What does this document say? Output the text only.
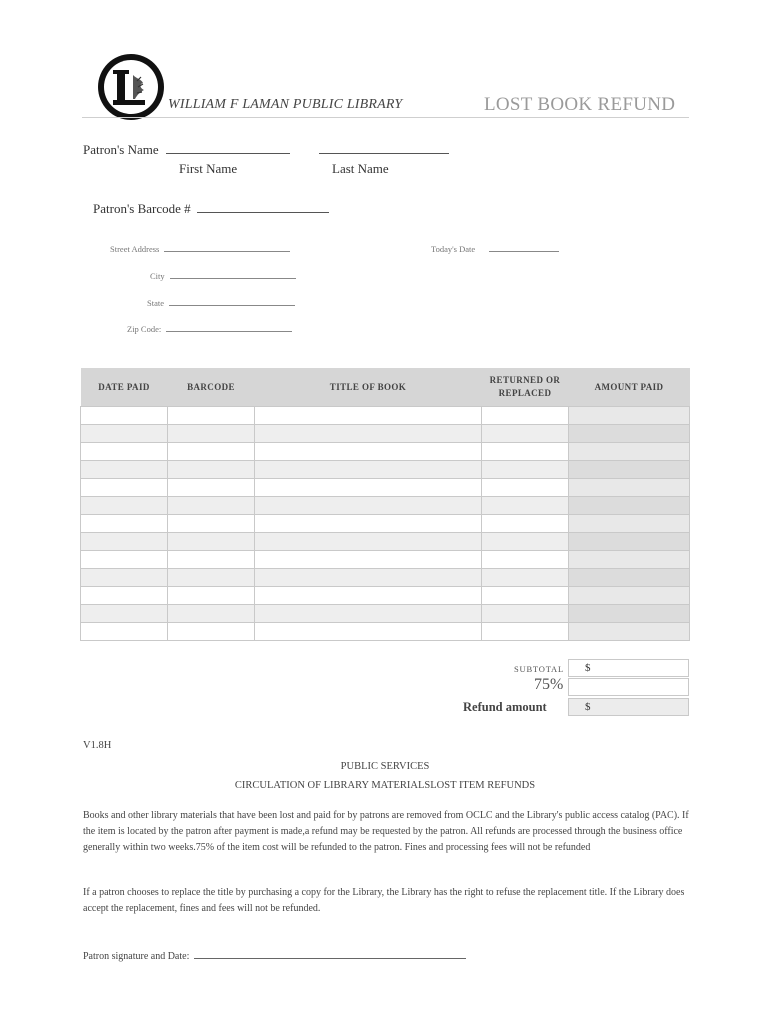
WILLIAM F LAMAN PUBLIC LIBRARY	LOST BOOK REFUND
Patron's Name
First Name	Last Name
Patron's Barcode #
Street Address	Today's Date
City
State
Zip Code:
DATE PAID	BARCODE	TITLE OF BOOK	RETURNED OR REPLACED	AMOUNT PAID

SUBTOTAL $
75%
Refund amount	$
V1.8H
PUBLIC SERVICES
CIRCULATION OF LIBRARY MATERIALSLOST ITEM REFUNDS
Books and other library materials that have been lost and paid for by patrons are removed from OCLC and the Library's public access catalog (PAC). If the item is located by the patron after payment is made,a refund may be requested by the patron. All refunds are processed through the business office generally within two weeks.75% of the item cost will be refunded to the patron. Fines and processing fees will not be refunded
If a patron chooses to replace the title by purchasing a copy for the Library, the Library has the right to refuse the replacement title. If the Library does accept the replacement, fines and fees will not be refunded.
Patron signature and Date:
